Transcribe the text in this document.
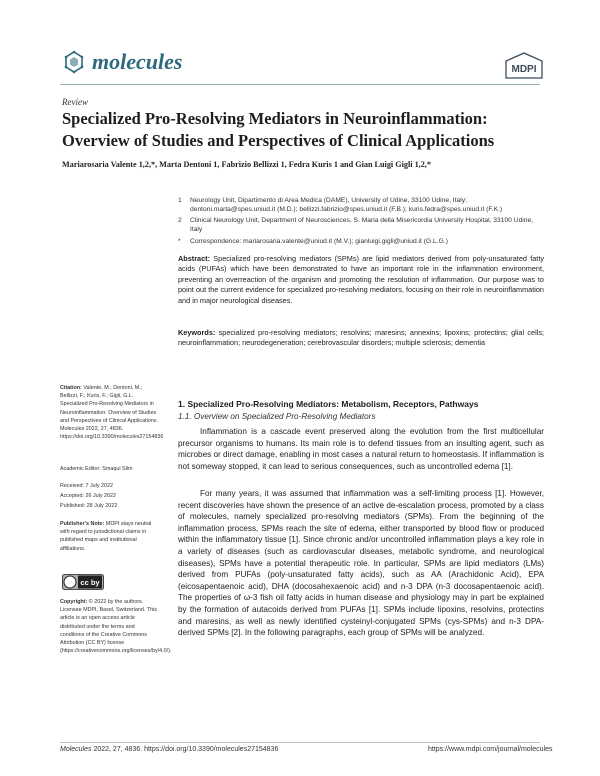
molecules	MDPI
Review
Specialized Pro-Resolving Mediators in Neuroinflammation: Overview of Studies and Perspectives of Clinical Applications
Mariarosaria Valente 1,2,*, Marta Dentoni 1, Fabrizio Bellizzi 1, Fedra Kuris 1 and Gian Luigi Gigli 1,2,*
1 Neurology Unit, Dipartimento di Area Medica (DAME), University of Udine, 33100 Udine, Italy; dentoni.marta@spes.uniud.it (M.D.); bellizzi.fabrizio@spes.uniud.it (F.B.); kuris.fedra@spes.uniud.it (F.K.)
2 Clinical Neurology Unit, Department of Neurosciences, S. Maria della Misericordia University Hospital, 33100 Udine, Italy
* Correspondence: mariarosaria.valente@uniud.it (M.V.); gianluigi.gigli@uniud.it (G.L.G.)
Abstract: Specialized pro-resolving mediators (SPMs) are lipid mediators derived from poly-unsaturated fatty acids (PUFAs) which have been demonstrated to have an important role in the inflammation environment, preventing an overreaction of the organism and promoting the resolution of inflammation. Our purpose was to point out the current evidence for specialized pro-resolving mediators, focusing on their role in neuroinflammation and in major neurological diseases.
Keywords: specialized pro-resolving mediators; resolvins; maresins; annexins; lipoxins; protectins; glial cells; neuroinflammation; neurodegeneration; cerebrovascular disorders; multiple sclerosis; dementia
Citation: Valente, M.; Dentoni, M.; Bellizzi, F.; Kuris, F.; Gigli, G.L. Specialized Pro-Resolving Mediators in Neuroinflammation: Overview of Studies and Perspectives of Clinical Applications. Molecules 2022, 27, 4836. https://doi.org/10.3390/molecules27154836
Academic Editor: Smaqui Slim
Received: 7 July 2022
Accepted: 26 July 2022
Published: 28 July 2022
Publisher’s Note: MDPI stays neutral with regard to jurisdictional claims in published maps and institutional affiliations.
cc by
Copyright: © 2022 by the authors. Licensee MDPI, Basel, Switzerland. This article is an open access article distributed under the terms and conditions of the Creative Commons Attribution (CC BY) license (https://creativecommons.org/licenses/by/4.0/).
1. Specialized Pro-Resolving Mediators: Metabolism, Receptors, Pathways
1.1. Overview on Specialized Pro-Resolving Mediators
Inflammation is a cascade event preserved along the evolution from the first multicellular precursor organisms to humans. Its main role is to defend tissues from an insulting agent, such as microbes or direct damage, enabling in most cases a natural return to homeostasis. If inflammation is not someway stopped, it can lead to serious consequences, such as uncontrolled edema [1].
For many years, it was assumed that inflammation was a self-limiting process [1]. However, recent discoveries have shown the presence of an active de-escalation process, promoted by a class of molecules, namely specialized pro-resolving mediators (SPMs). From the beginning of the inflammation process, SPMs reach the site of edema, either transported by blood flow or produced within the inflammatory tissue [1]. Since chronic and/or uncontrolled inflammation plays a key role in a variety of diseases (such as cardiovascular diseases, metabolic syndrome, and neurological diseases), SPMs have a potential therapeutic role. In particular, SPMs are lipid mediators (LMs) derived from PUFAs (poly-unsaturated fatty acids), such as AA (Arachidonic Acid), EPA (eicosapentaenoic acid), DHA (docosahexaenoic acid) and n-3 DPA (n-3 docosapentaenoic acid). The properties of ω-3 fish oil fatty acids in human disease and physiology may in part be explained by the formation of autacoids derived from PUFAs [1]. SPMs include lipoxins, resolvins, protectins and maresins, as well as newly identified cysteinyl-conjugated SPMs (cys-SPMs) and n-3 DPA-derived SPMs [2]. In the following paragraphs, each group of SPMs will be analyzed.
Molecules 2022, 27, 4836. https://doi.org/10.3390/molecules27154836	https://www.mdpi.com/journal/molecules
